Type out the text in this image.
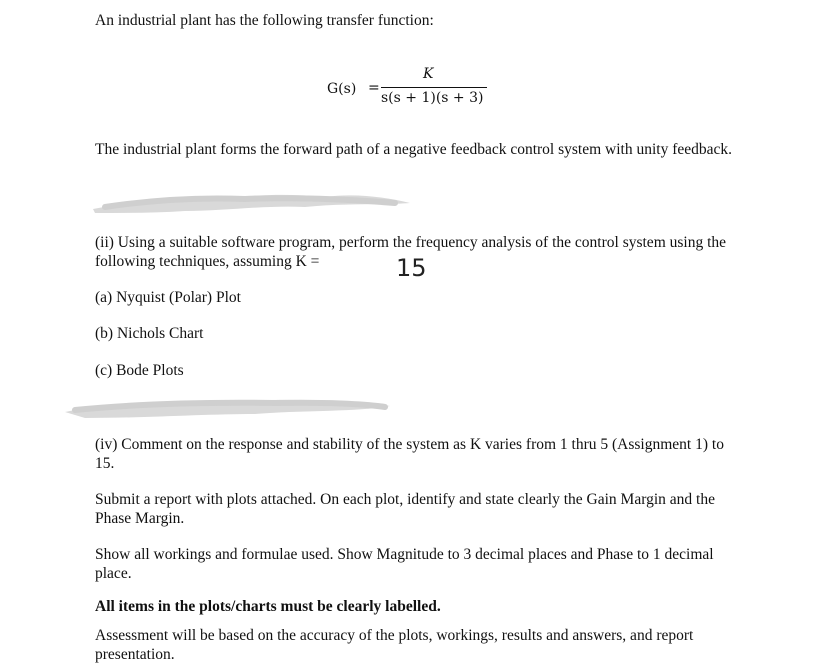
An industrial plant has the following transfer function:

G(s) =
K
s(s + 1)(s + 3)

The industrial plant forms the forward path of a negative feedback control system with unity feedback.

(ii) Using a suitable software program, perform the frequency analysis of the control system using the following techniques, assuming K =	15

(a) Nyquist (Polar) Plot

(b) Nichols Chart

(c) Bode Plots

(iv) Comment on the response and stability of the system as K varies from 1 thru 5 (Assignment 1) to 15.

Submit a report with plots attached. On each plot, identify and state clearly the Gain Margin and the Phase Margin.

Show all workings and formulae used. Show Magnitude to 3 decimal places and Phase to 1 decimal place.

All items in the plots/charts must be clearly labelled.

Assessment will be based on the accuracy of the plots, workings, results and answers, and report presentation.
